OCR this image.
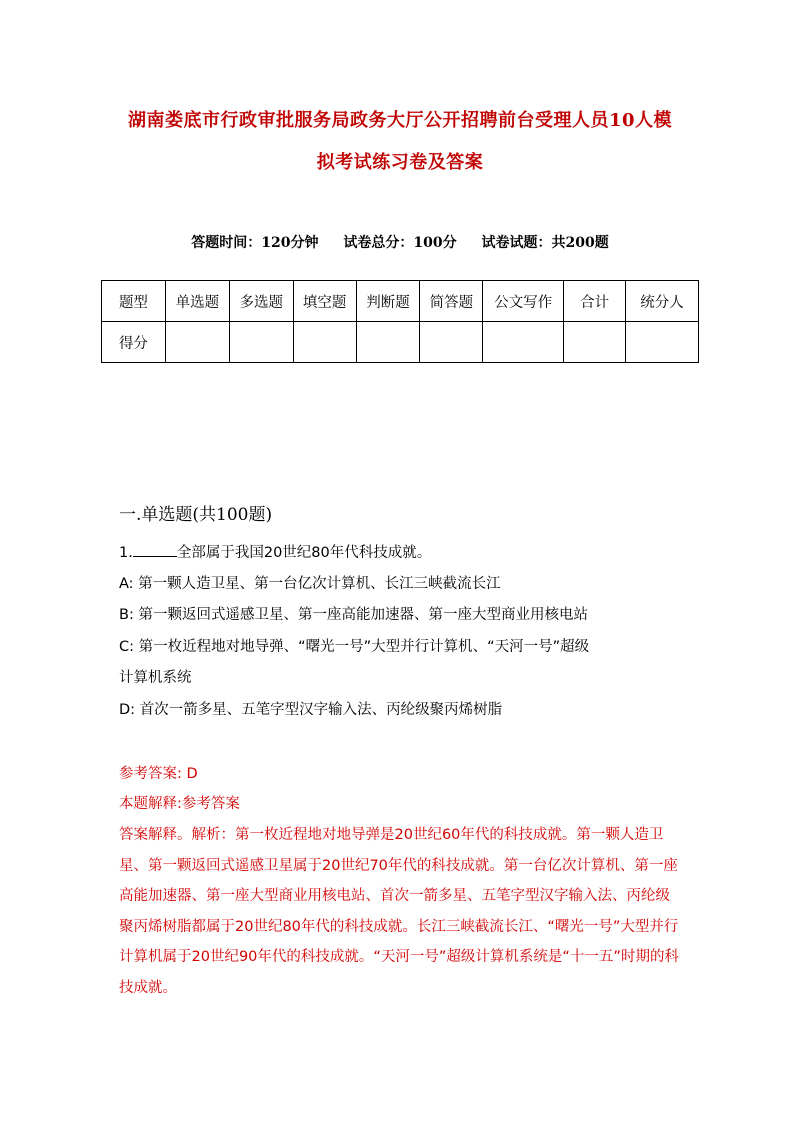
湖南娄底市行政审批服务局政务大厅公开招聘前台受理人员10人模
拟考试练习卷及答案
答题时间：120分钟 试卷总分：100分 试卷试题：共200题
题型	单选题	多选题	填空题	判断题	简答题	公文写作	合计	统分人
得分								
一.单选题(共100题)
1.	全部属于我国20世纪80年代科技成就。
A: 第一颗人造卫星、第一台亿次计算机、长江三峡截流长江
B: 第一颗返回式遥感卫星、第一座高能加速器、第一座大型商业用核电站
C: 第一枚近程地对地导弹、“曙光一号”大型并行计算机、“天河一号”超级
计算机系统
D: 首次一箭多星、五笔字型汉字输入法、丙纶级聚丙烯树脂
参考答案: D
本题解释:参考答案
答案解释。解析：第一枚近程地对地导弹是20世纪60年代的科技成就。第一颗人造卫星、第一颗返回式遥感卫星属于20世纪70年代的科技成就。第一台亿次计算机、第一座高能加速器、第一座大型商业用核电站、首次一箭多星、五笔字型汉字输入法、丙纶级聚丙烯树脂都属于20世纪80年代的科技成就。长江三峡截流长江、“曙光一号”大型并行计算机属于20世纪90年代的科技成就。“天河一号”超级计算机系统是“十一五”时期的科技成就。
